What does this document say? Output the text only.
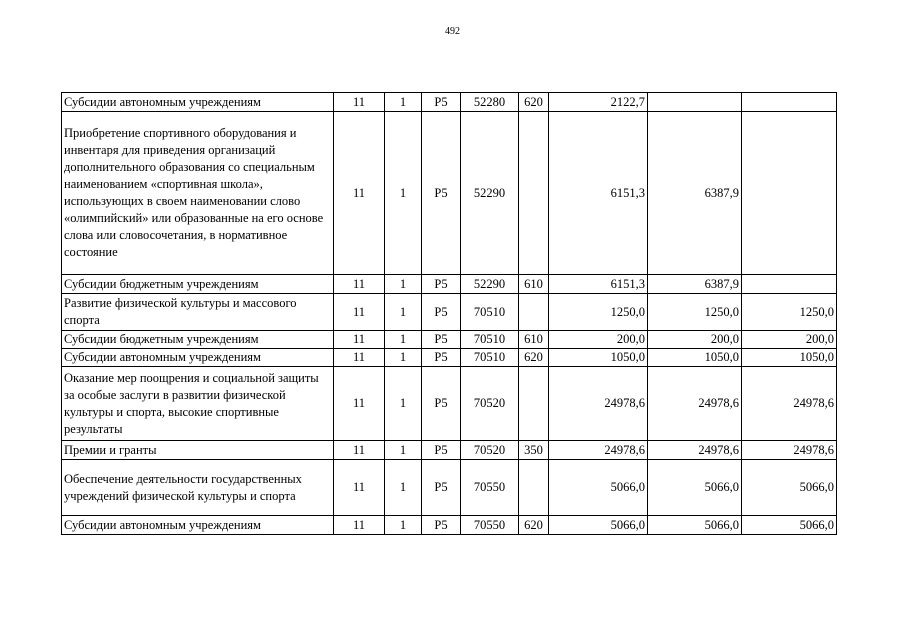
492
Субсидии автономным учреждениям	11	1	Р5	52280	620	2122,7		
Приобретение спортивного оборудования и инвентаря для приведения организаций дополнительного образования со специальным наименованием «спортивная школа», использующих в своем наименовании слово «олимпийский» или образованные на его основе слова или словосочетания, в нормативное состояние	11	1	Р5	52290		6151,3	6387,9	
Субсидии бюджетным учреждениям	11	1	Р5	52290	610	6151,3	6387,9	
Развитие физической культуры и массового спорта	11	1	Р5	70510		1250,0	1250,0	1250,0
Субсидии бюджетным учреждениям	11	1	Р5	70510	610	200,0	200,0	200,0
Субсидии автономным учреждениям	11	1	Р5	70510	620	1050,0	1050,0	1050,0
Оказание мер поощрения и социальной защиты за особые заслуги в развитии физической культуры и спорта, высокие спортивные результаты	11	1	Р5	70520		24978,6	24978,6	24978,6
Премии и гранты	11	1	Р5	70520	350	24978,6	24978,6	24978,6
Обеспечение деятельности государственных учреждений физической культуры и спорта	11	1	Р5	70550		5066,0	5066,0	5066,0
Субсидии автономным учреждениям	11	1	Р5	70550	620	5066,0	5066,0	5066,0
